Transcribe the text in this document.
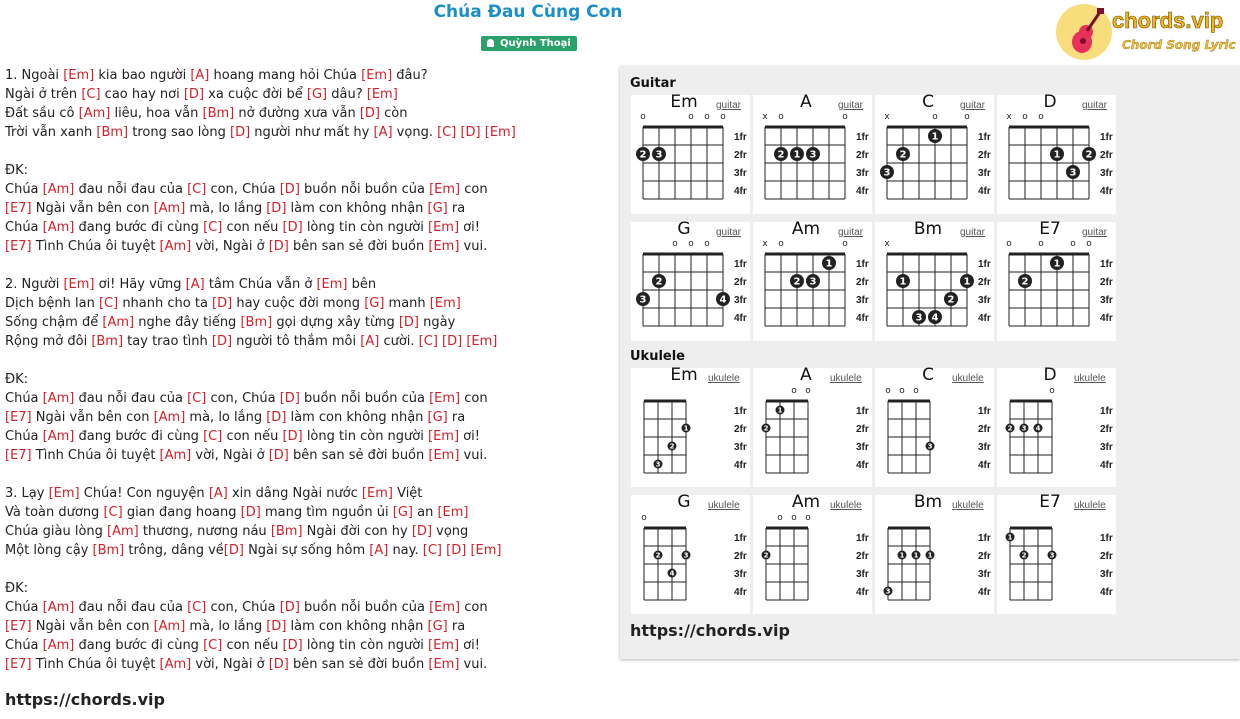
Chúa Đau Cùng Con
Quỳnh Thoại
chords.vip
Chord Song Lyric
1. Ngoài [Em] kia bao người [A] hoang mang hỏi Chúa [Em] đâu?
Ngài ở trên [C] cao hay nơi [D] xa cuộc đời bể [G] dâu? [Em]
Đất sầu cô [Am] liêu, hoa vẫn [Bm] nở đường xưa vẫn [D] còn
Trời vẫn xanh [Bm] trong sao lòng [D] người như mất hy [A] vọng. [C] [D] [Em]
ĐK:
Chúa [Am] đau nỗi đau của [C] con, Chúa [D] buồn nỗi buồn của [Em] con
[E7] Ngài vẫn bên con [Am] mà, lo lắng [D] làm con không nhận [G] ra
Chúa [Am] đang bước đi cùng [C] con nếu [D] lòng tin còn người [Em] ơi!
[E7] Tình Chúa ôi tuyệt [Am] vời, Ngài ở [D] bên san sẻ đời buồn [Em] vui.
2. Người [Em] ơi! Hãy vững [A] tâm Chúa vẫn ở [Em] bên
Dịch bệnh lan [C] nhanh cho ta [D] hay cuộc đời mong [G] manh [Em]
Sống chậm để [Am] nghe đây tiếng [Bm] gọi dựng xây từng [D] ngày
Rộng mở đôi [Bm] tay trao tình [D] người tô thắm môi [A] cười. [C] [D] [Em]
ĐK:
Chúa [Am] đau nỗi đau của [C] con, Chúa [D] buồn nỗi buồn của [Em] con
[E7] Ngài vẫn bên con [Am] mà, lo lắng [D] làm con không nhận [G] ra
Chúa [Am] đang bước đi cùng [C] con nếu [D] lòng tin còn người [Em] ơi!
[E7] Tình Chúa ôi tuyệt [Am] vời, Ngài ở [D] bên san sẻ đời buồn [Em] vui.
3. Lạy [Em] Chúa! Con nguyện [A] xin dâng Ngài nước [Em] Việt
Và toàn dương [C] gian đang hoang [D] mang tìm nguồn ủi [G] an [Em]
Chúa giàu lòng [Am] thương, nương náu [Bm] Ngài đời con hy [D] vọng
Một lòng cậy [Bm] trông, dâng về[D] Ngài sự sống hôm [A] nay. [C] [D] [Em]
ĐK:
Chúa [Am] đau nỗi đau của [C] con, Chúa [D] buồn nỗi buồn của [Em] con
[E7] Ngài vẫn bên con [Am] mà, lo lắng [D] làm con không nhận [G] ra
Chúa [Am] đang bước đi cùng [C] con nếu [D] lòng tin còn người [Em] ơi!
[E7] Tình Chúa ôi tuyệt [Am] vời, Ngài ở [D] bên san sẻ đời buồn [Em] vui.
https://chords.vip
Guitar
Ukulele
o	o o o
1fr
2fr
3fr
4fr
2 3
Em	guitar
x o	o
1fr
2fr
3fr
4fr
2 1 3
A	guitar
x	o	o
1fr
2fr
3fr
4fr
1
2
3
C	guitar
x o o
1fr
2fr
3fr
4fr
1	2
3
D	guitar
o o o
1fr
2fr
3fr
4fr
2
3	4
G	guitar
x o	o
1fr
2fr
3fr
4fr
1
2 3
Am	guitar
x
1fr
2fr
3fr
4fr
1	1
2
3 4
Bm	guitar
o	o	o o
1fr
2fr
3fr
4fr
1
2
E7	guitar
1fr
2fr
3fr
4fr
1
2
3
Em	ukulele
o o
1fr
2fr
3fr
4fr
1
2
A	ukulele
o o o
1fr
2fr
3fr
4fr
3
C	ukulele
o
1fr
2fr
3fr
4fr
2 3 4
D	ukulele
o
1fr
2fr
3fr
4fr
2	3
4
G	ukulele
o o o
1fr
2fr
3fr
4fr
2
Am ukulele
1fr
2fr
3fr
4fr
1 1 1
3
Bm ukulele
1fr
2fr
3fr
4fr
1
2	3
E7	ukulele
https://chords.vip
